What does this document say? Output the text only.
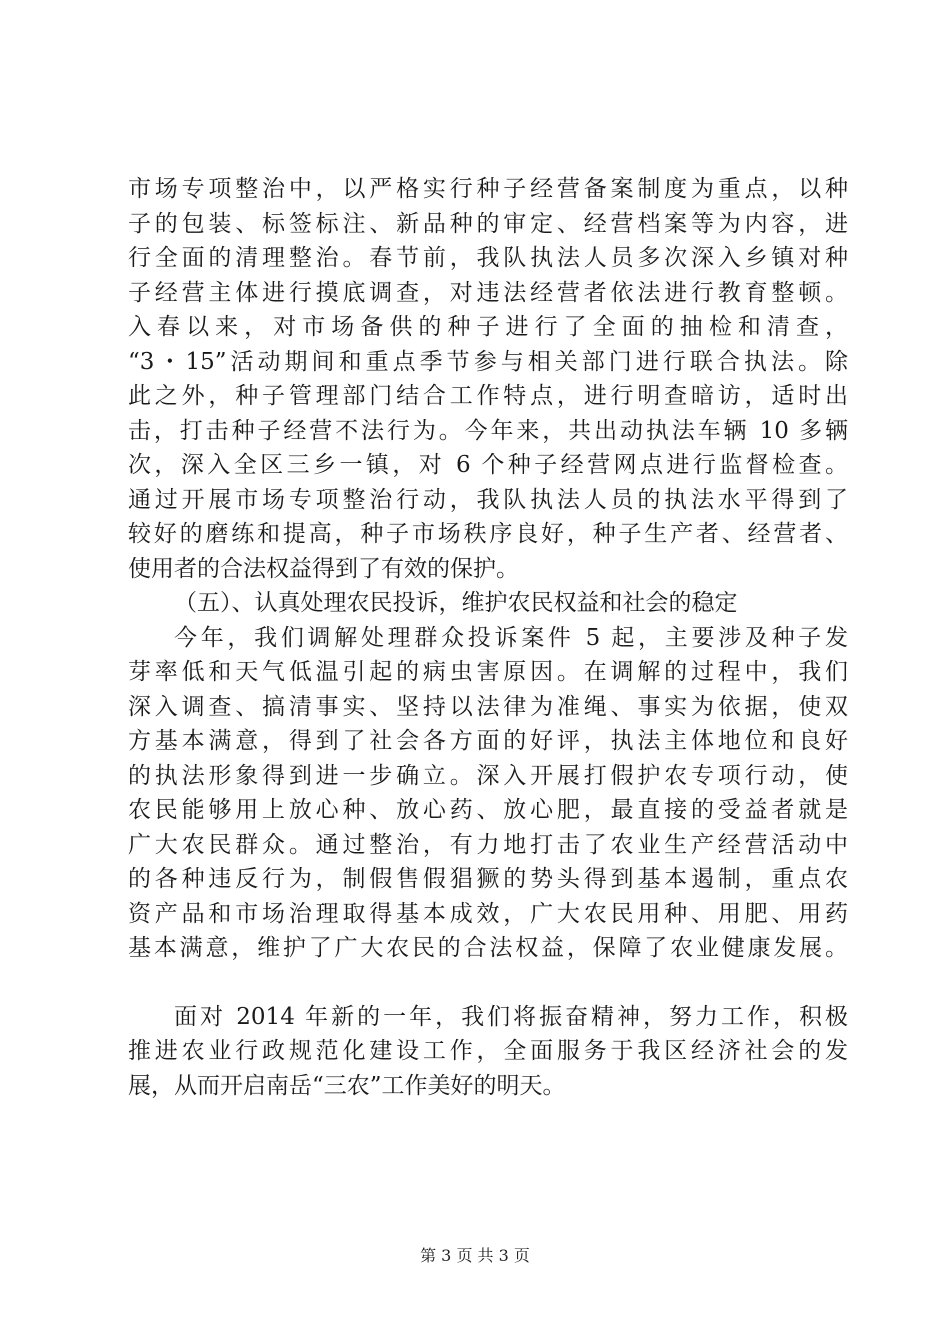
市场专项整治中，以严格实行种子经营备案制度为重点，以种
子的包装、标签标注、新品种的审定、经营档案等为内容，进
行全面的清理整治。春节前，我队执法人员多次深入乡镇对种
子经营主体进行摸底调查，对违法经营者依法进行教育整顿。
入春以来，对市场备供的种子进行了全面的抽检和清查，
“3・15”活动期间和重点季节参与相关部门进行联合执法。除
此之外，种子管理部门结合工作特点，进行明查暗访，适时出
击，打击种子经营不法行为。今年来，共出动执法车辆 10 多辆
次，深入全区三乡一镇，对 6 个种子经营网点进行监督检查。
通过开展市场专项整治行动，我队执法人员的执法水平得到了
较好的磨练和提高，种子市场秩序良好，种子生产者、经营者、
使用者的合法权益得到了有效的保护。
（五）、认真处理农民投诉，维护农民权益和社会的稳定
今年，我们调解处理群众投诉案件 5 起，主要涉及种子发
芽率低和天气低温引起的病虫害原因。在调解的过程中，我们
深入调查、搞清事实、坚持以法律为准绳、事实为依据，使双
方基本满意，得到了社会各方面的好评，执法主体地位和良好
的执法形象得到进一步确立。深入开展打假护农专项行动，使
农民能够用上放心种、放心药、放心肥，最直接的受益者就是
广大农民群众。通过整治，有力地打击了农业生产经营活动中
的各种违反行为，制假售假猖獗的势头得到基本遏制，重点农
资产品和市场治理取得基本成效，广大农民用种、用肥、用药
基本满意，维护了广大农民的合法权益，保障了农业健康发展。
面对 2014 年新的一年，我们将振奋精神，努力工作，积极
推进农业行政规范化建设工作，全面服务于我区经济社会的发
展，从而开启南岳“三农”工作美好的明天。
第 3 页 共 3 页
